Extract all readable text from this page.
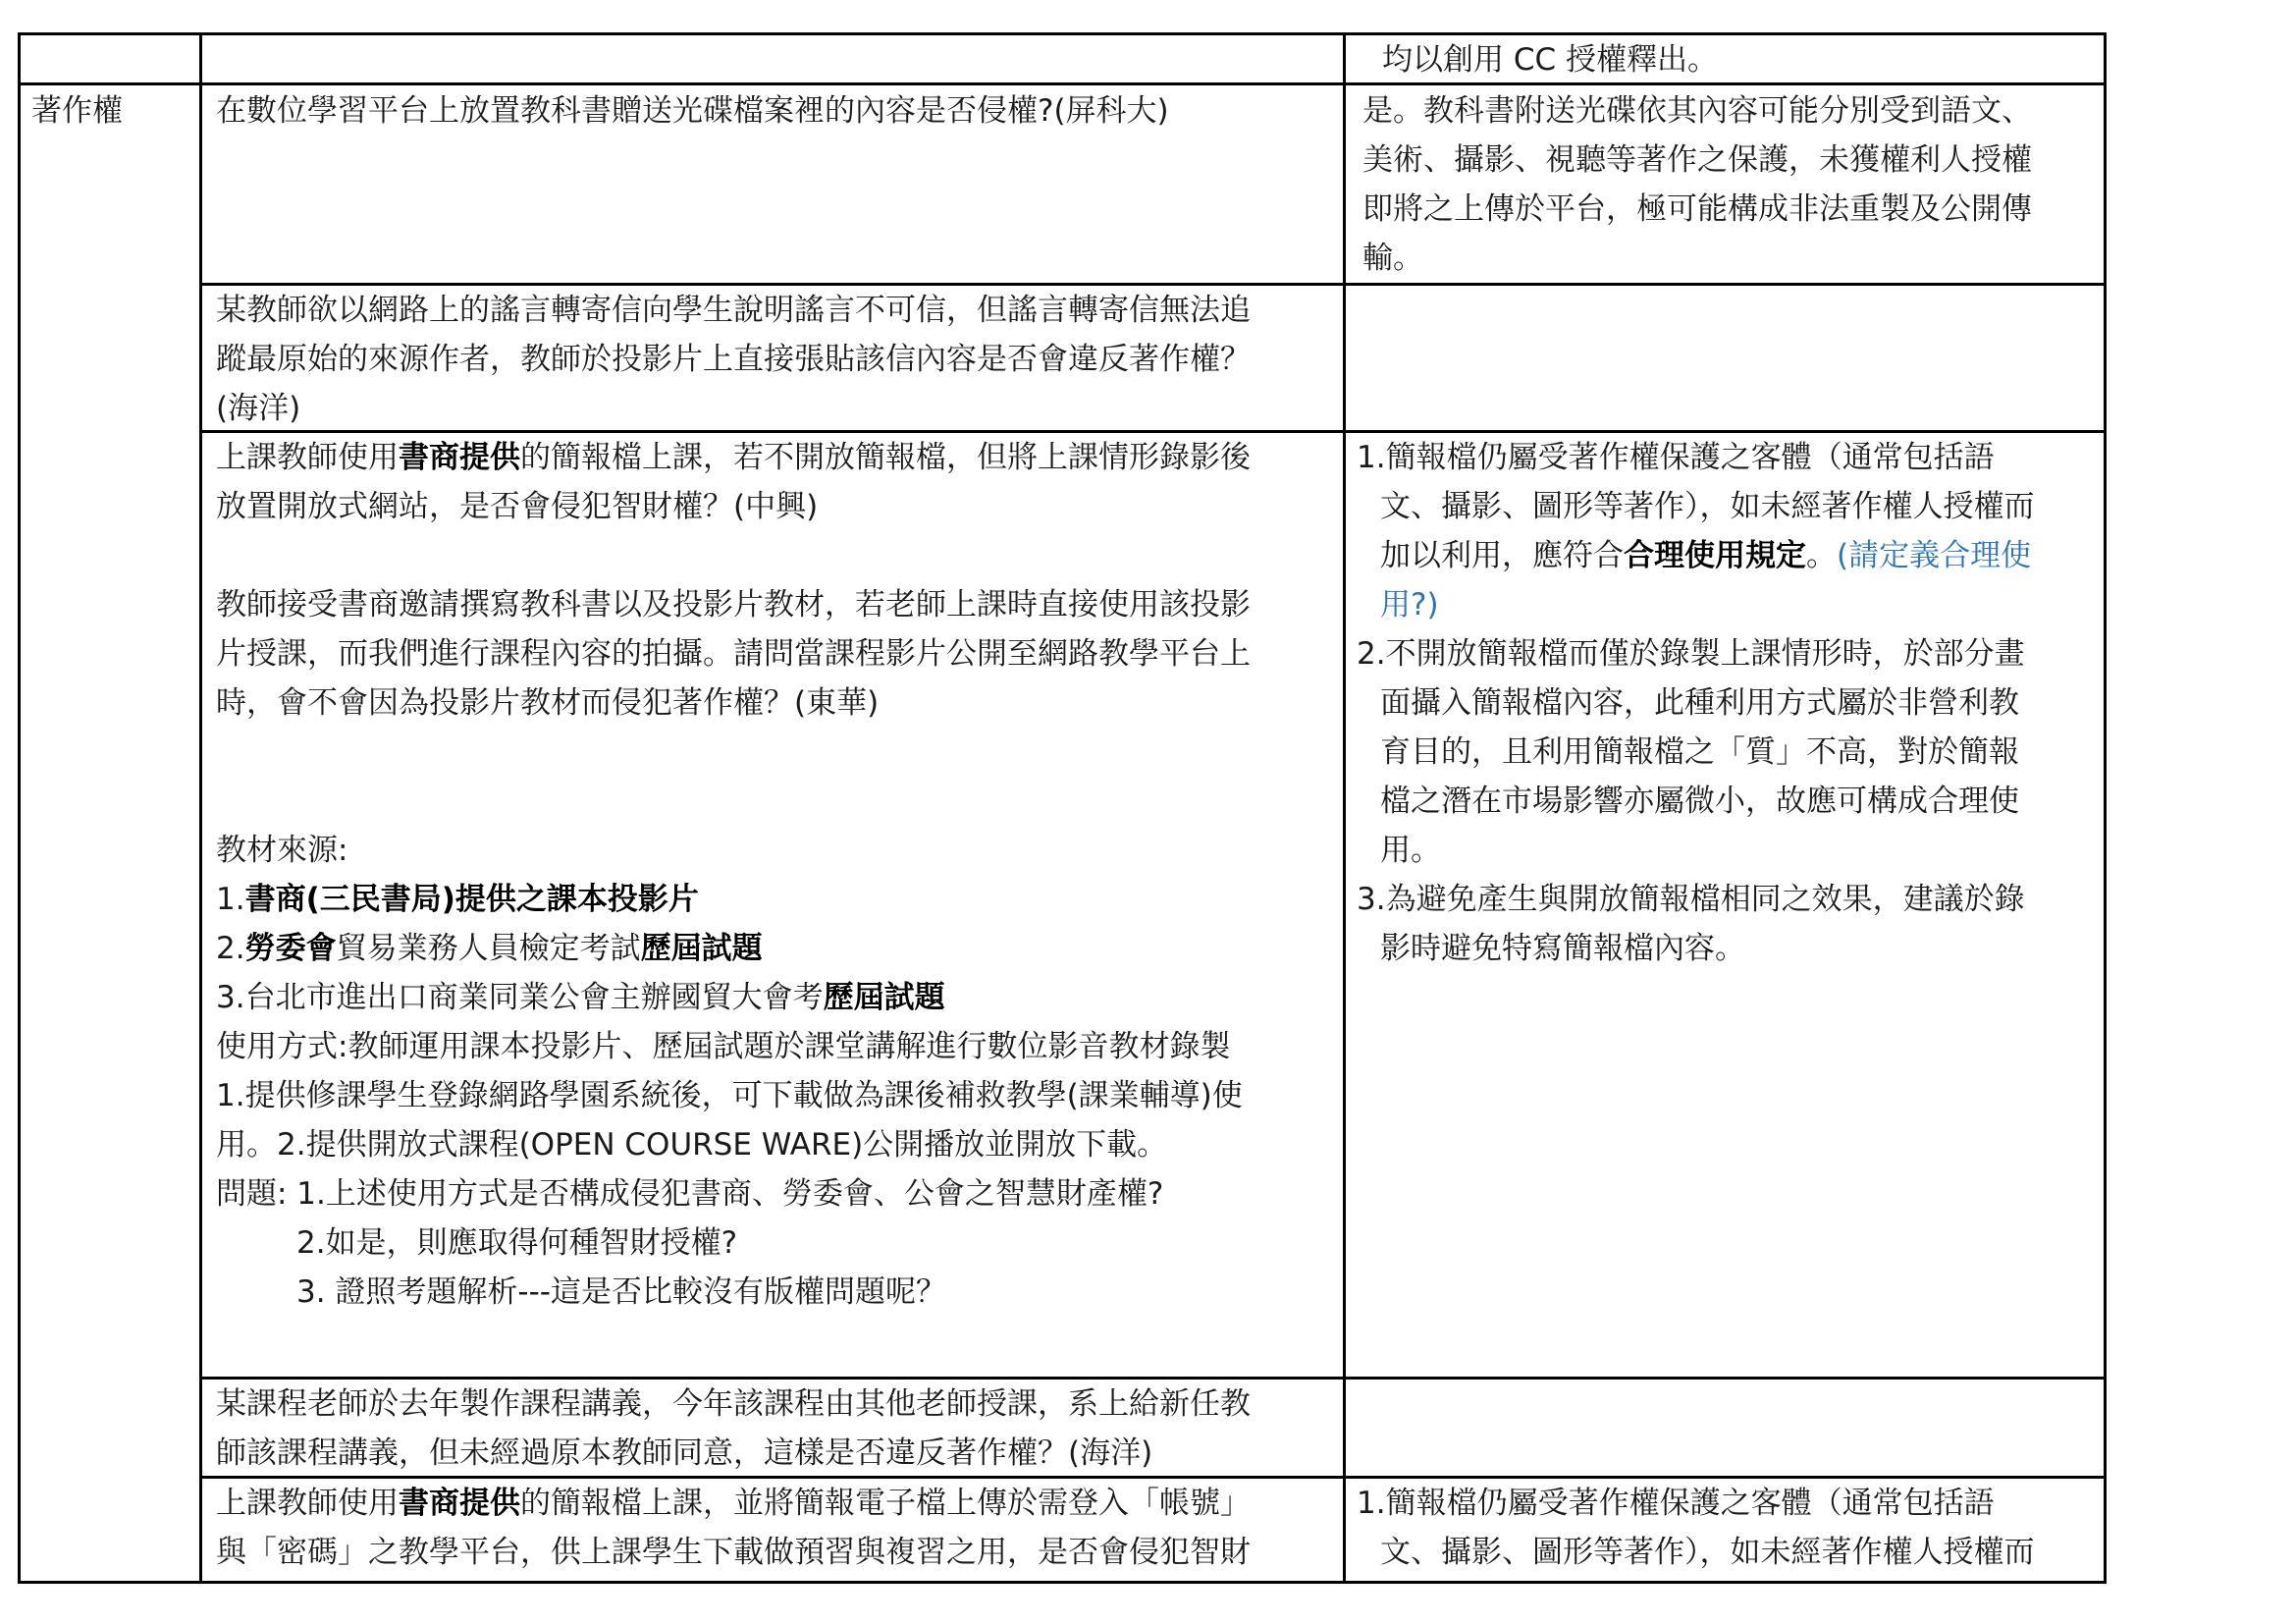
均以創用 CC 授權釋出。

著作權	在數位學習平台上放置教科書贈送光碟檔案裡的內容是否侵權?(屏科大)	是。教科書附送光碟依其內容可能分別受到語文、

美術、攝影、視聽等著作之保護，未獲權利人授權

即將之上傳於平台，極可能構成非法重製及公開傳

輸。

某教師欲以網路上的謠言轉寄信向學生說明謠言不可信，但謠言轉寄信無法追

蹤最原始的來源作者，教師於投影片上直接張貼該信內容是否會違反著作權？

(海洋)

上課教師使用書商提供的簡報檔上課，若不開放簡報檔，但將上課情形錄影後

放置開放式網站，是否會侵犯智財權？(中興)

教師接受書商邀請撰寫教科書以及投影片教材，若老師上課時直接使用該投影

片授課，而我們進行課程內容的拍攝。請問當課程影片公開至網路教學平台上

時，會不會因為投影片教材而侵犯著作權？(東華)

教材來源:

1.書商(三民書局)提供之課本投影片

2.勞委會貿易業務人員檢定考試歷屆試題

3.台北市進出口商業同業公會主辦國貿大會考歷屆試題

使用方式:教師運用課本投影片、歷屆試題於課堂講解進行數位影音教材錄製

1.提供修課學生登錄網路學園系統後，可下載做為課後補救教學(課業輔導)使

用。2.提供開放式課程(OPEN COURSE WARE)公開播放並開放下載。

問題: 1.上述使用方式是否構成侵犯書商、勞委會、公會之智慧財產權?

2.如是，則應取得何種智財授權?

3. 證照考題解析---這是否比較沒有版權問題呢？

1.簡報檔仍屬受著作權保護之客體（通常包括語

文、攝影、圖形等著作），如未經著作權人授權而

加以利用，應符合合理使用規定。(請定義合理使

用?)

2.不開放簡報檔而僅於錄製上課情形時，於部分畫

面攝入簡報檔內容，此種利用方式屬於非營利教

育目的，且利用簡報檔之「質」不高，對於簡報

檔之潛在市場影響亦屬微小，故應可構成合理使

用。

3.為避免產生與開放簡報檔相同之效果，建議於錄

影時避免特寫簡報檔內容。

某課程老師於去年製作課程講義，今年該課程由其他老師授課，系上給新任教

師該課程講義，但未經過原本教師同意，這樣是否違反著作權？(海洋)

上課教師使用書商提供的簡報檔上課，並將簡報電子檔上傳於需登入「帳號」

與「密碼」之教學平台，供上課學生下載做預習與複習之用，是否會侵犯智財

1.簡報檔仍屬受著作權保護之客體（通常包括語

文、攝影、圖形等著作），如未經著作權人授權而
